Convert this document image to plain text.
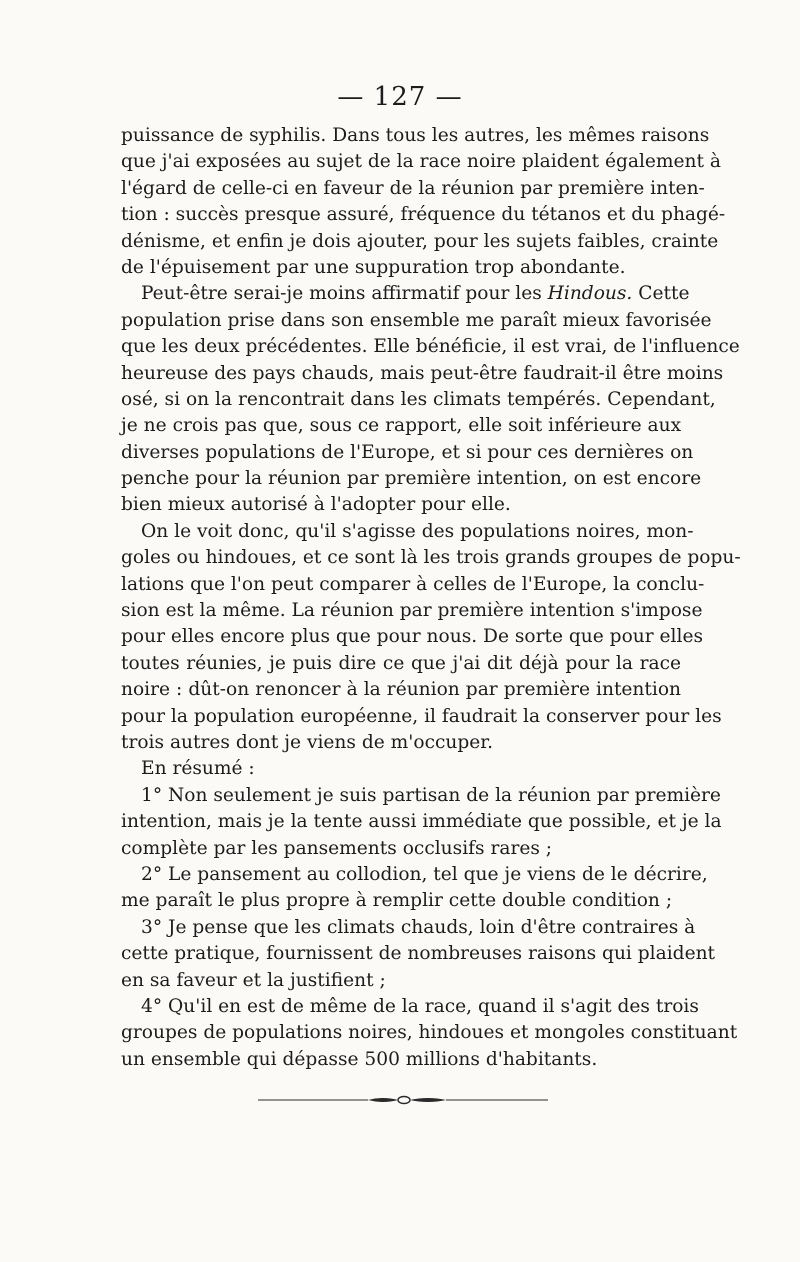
— 127 —
puissance de syphilis. Dans tous les autres, les mêmes raisons
que j'ai exposées au sujet de la race noire plaident également à
l'égard de celle-ci en faveur de la réunion par première inten-
tion : succès presque assuré, fréquence du tétanos et du phagé-
dénisme, et enfin je dois ajouter, pour les sujets faibles, crainte
de l'épuisement par une suppuration trop abondante.
Peut-être serai-je moins affirmatif pour les Hindous. Cette
population prise dans son ensemble me paraît mieux favorisée
que les deux précédentes. Elle bénéficie, il est vrai, de l'influence
heureuse des pays chauds, mais peut-être faudrait-il être moins
osé, si on la rencontrait dans les climats tempérés. Cependant,
je ne crois pas que, sous ce rapport, elle soit inférieure aux
diverses populations de l'Europe, et si pour ces dernières on
penche pour la réunion par première intention, on est encore
bien mieux autorisé à l'adopter pour elle.
On le voit donc, qu'il s'agisse des populations noires, mon-
goles ou hindoues, et ce sont là les trois grands groupes de popu-
lations que l'on peut comparer à celles de l'Europe, la conclu-
sion est la même. La réunion par première intention s'impose
pour elles encore plus que pour nous. De sorte que pour elles
toutes réunies, je puis dire ce que j'ai dit déjà pour la race
noire : dût-on renoncer à la réunion par première intention
pour la population européenne, il faudrait la conserver pour les
trois autres dont je viens de m'occuper.
En résumé :
1° Non seulement je suis partisan de la réunion par première
intention, mais je la tente aussi immédiate que possible, et je la
complète par les pansements occlusifs rares ;
2° Le pansement au collodion, tel que je viens de le décrire,
me paraît le plus propre à remplir cette double condition ;
3° Je pense que les climats chauds, loin d'être contraires à
cette pratique, fournissent de nombreuses raisons qui plaident
en sa faveur et la justifient ;
4° Qu'il en est de même de la race, quand il s'agit des trois
groupes de populations noires, hindoues et mongoles constituant
un ensemble qui dépasse 500 millions d'habitants.
